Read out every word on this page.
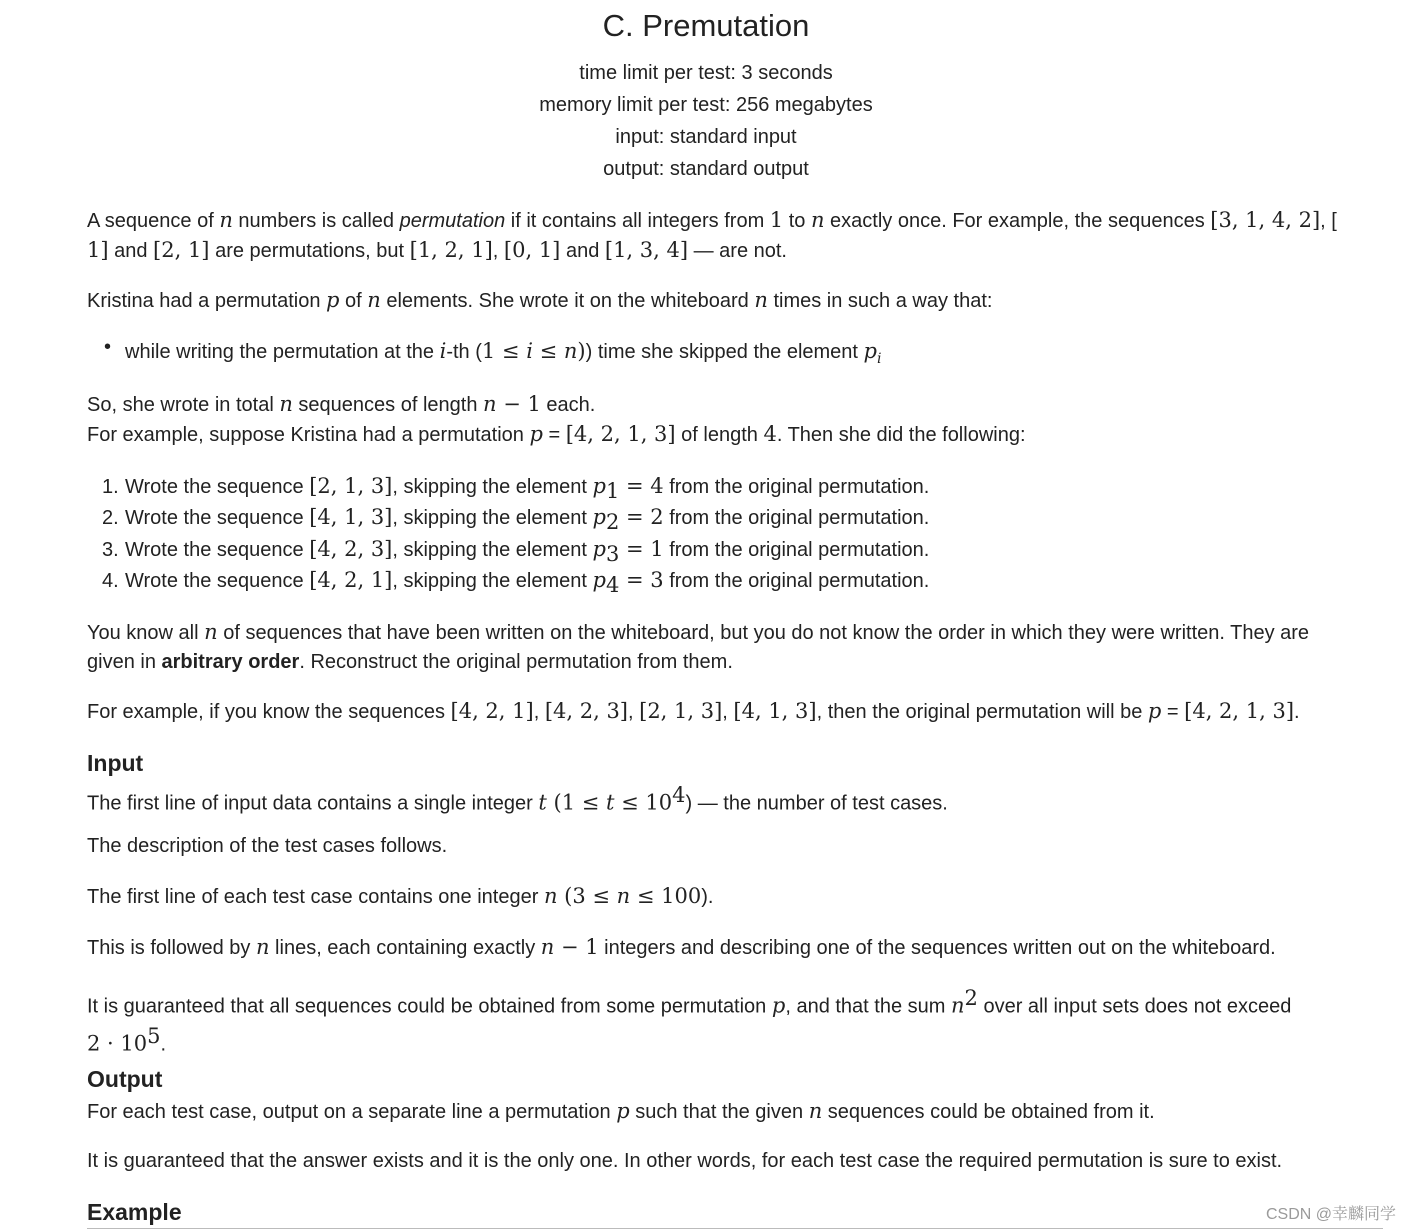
C. Premutation
time limit per test: 3 seconds
memory limit per test: 256 megabytes
input: standard input
output: standard output
A sequence of n numbers is called permutation if it contains all integers from 1 to n exactly once. For example, the sequences [3, 1, 4, 2], [
1] and [2, 1] are permutations, but [1, 2, 1], [0, 1] and [1, 3, 4] — are not.
Kristina had a permutation p of n elements. She wrote it on the whiteboard n times in such a way that:
• while writing the permutation at the i-th (1 ≤ i ≤ n)) time she skipped the element $p_i$
So, she wrote in total n sequences of length n − 1 each.
For example, suppose Kristina had a permutation p = [4, 2, 1, 3] of length 4. Then she did the following:
1. Wrote the sequence [2, 1, 3], skipping the element $p_1 = 4$ from the original permutation.
2. Wrote the sequence [4, 1, 3], skipping the element $p_2 = 2$ from the original permutation.
3. Wrote the sequence [4, 2, 3], skipping the element $p_3 = 1$ from the original permutation.
4. Wrote the sequence [4, 2, 1], skipping the element $p_4 = 3$ from the original permutation.
You know all n of sequences that have been written on the whiteboard, but you do not know the order in which they were written. They are
given in arbitrary order. Reconstruct the original permutation from them.
For example, if you know the sequences [4, 2, 1], [4, 2, 3], [2, 1, 3], [4, 1, 3], then the original permutation will be p = [4, 2, 1, 3].
Input
The first line of input data contains a single integer t $(1 \le t \le 10^4)$ — the number of test cases.
The description of the test cases follows.
The first line of each test case contains one integer n (3 ≤ n ≤ 100).
This is followed by n lines, each containing exactly n − 1 integers and describing one of the sequences written out on the whiteboard.
It is guaranteed that all sequences could be obtained from some permutation p, and that the sum $n^2$ over all input sets does not exceed
$2 \cdot 10^5$.
Output
For each test case, output on a separate line a permutation p such that the given n sequences could be obtained from it.
It is guaranteed that the answer exists and it is the only one. In other words, for each test case the required permutation is sure to exist.
Example	CSDN @幸麟同学
